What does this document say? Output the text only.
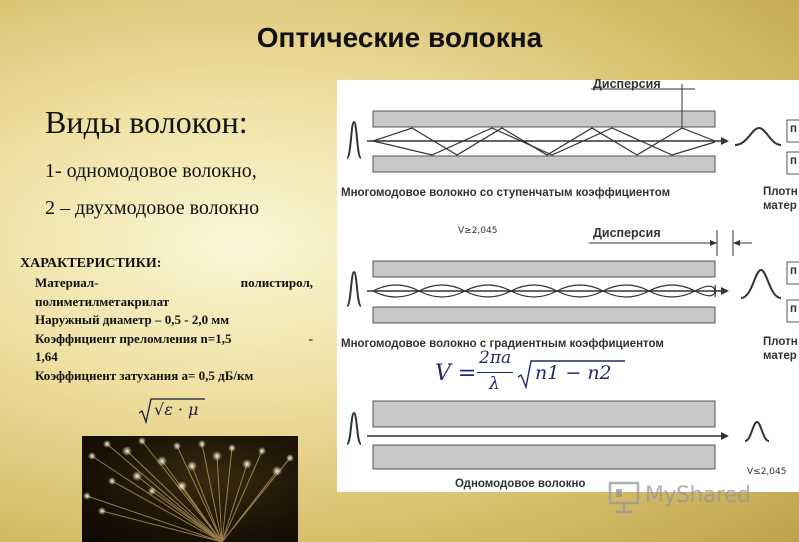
Оптические волокна
Виды волокон:
1- одномодовое волокно,
2 – двухмодовое волокно
ХАРАКТЕРИСТИКИ:
Материал-	полистирол,
полиметилметакрилат
Наружный диаметр – 0,5 - 2,0 мм
Коэффициент преломления n=1,5	-
1,64
Коэффициент затухания a= 0,5 дБ/км
√ε · μ
Дисперсия
Дисперсия
Многомодовое волокно со ступенчатым коэффициентом
Многомодовое волокно с градиентным коэффициентом
Одномодовое волокно
Плотн
матер
Плотн
матер
п
п
п
п
V≥2,045
V≤2,045
V =
2πa
λ n1 − n2
MyShared
